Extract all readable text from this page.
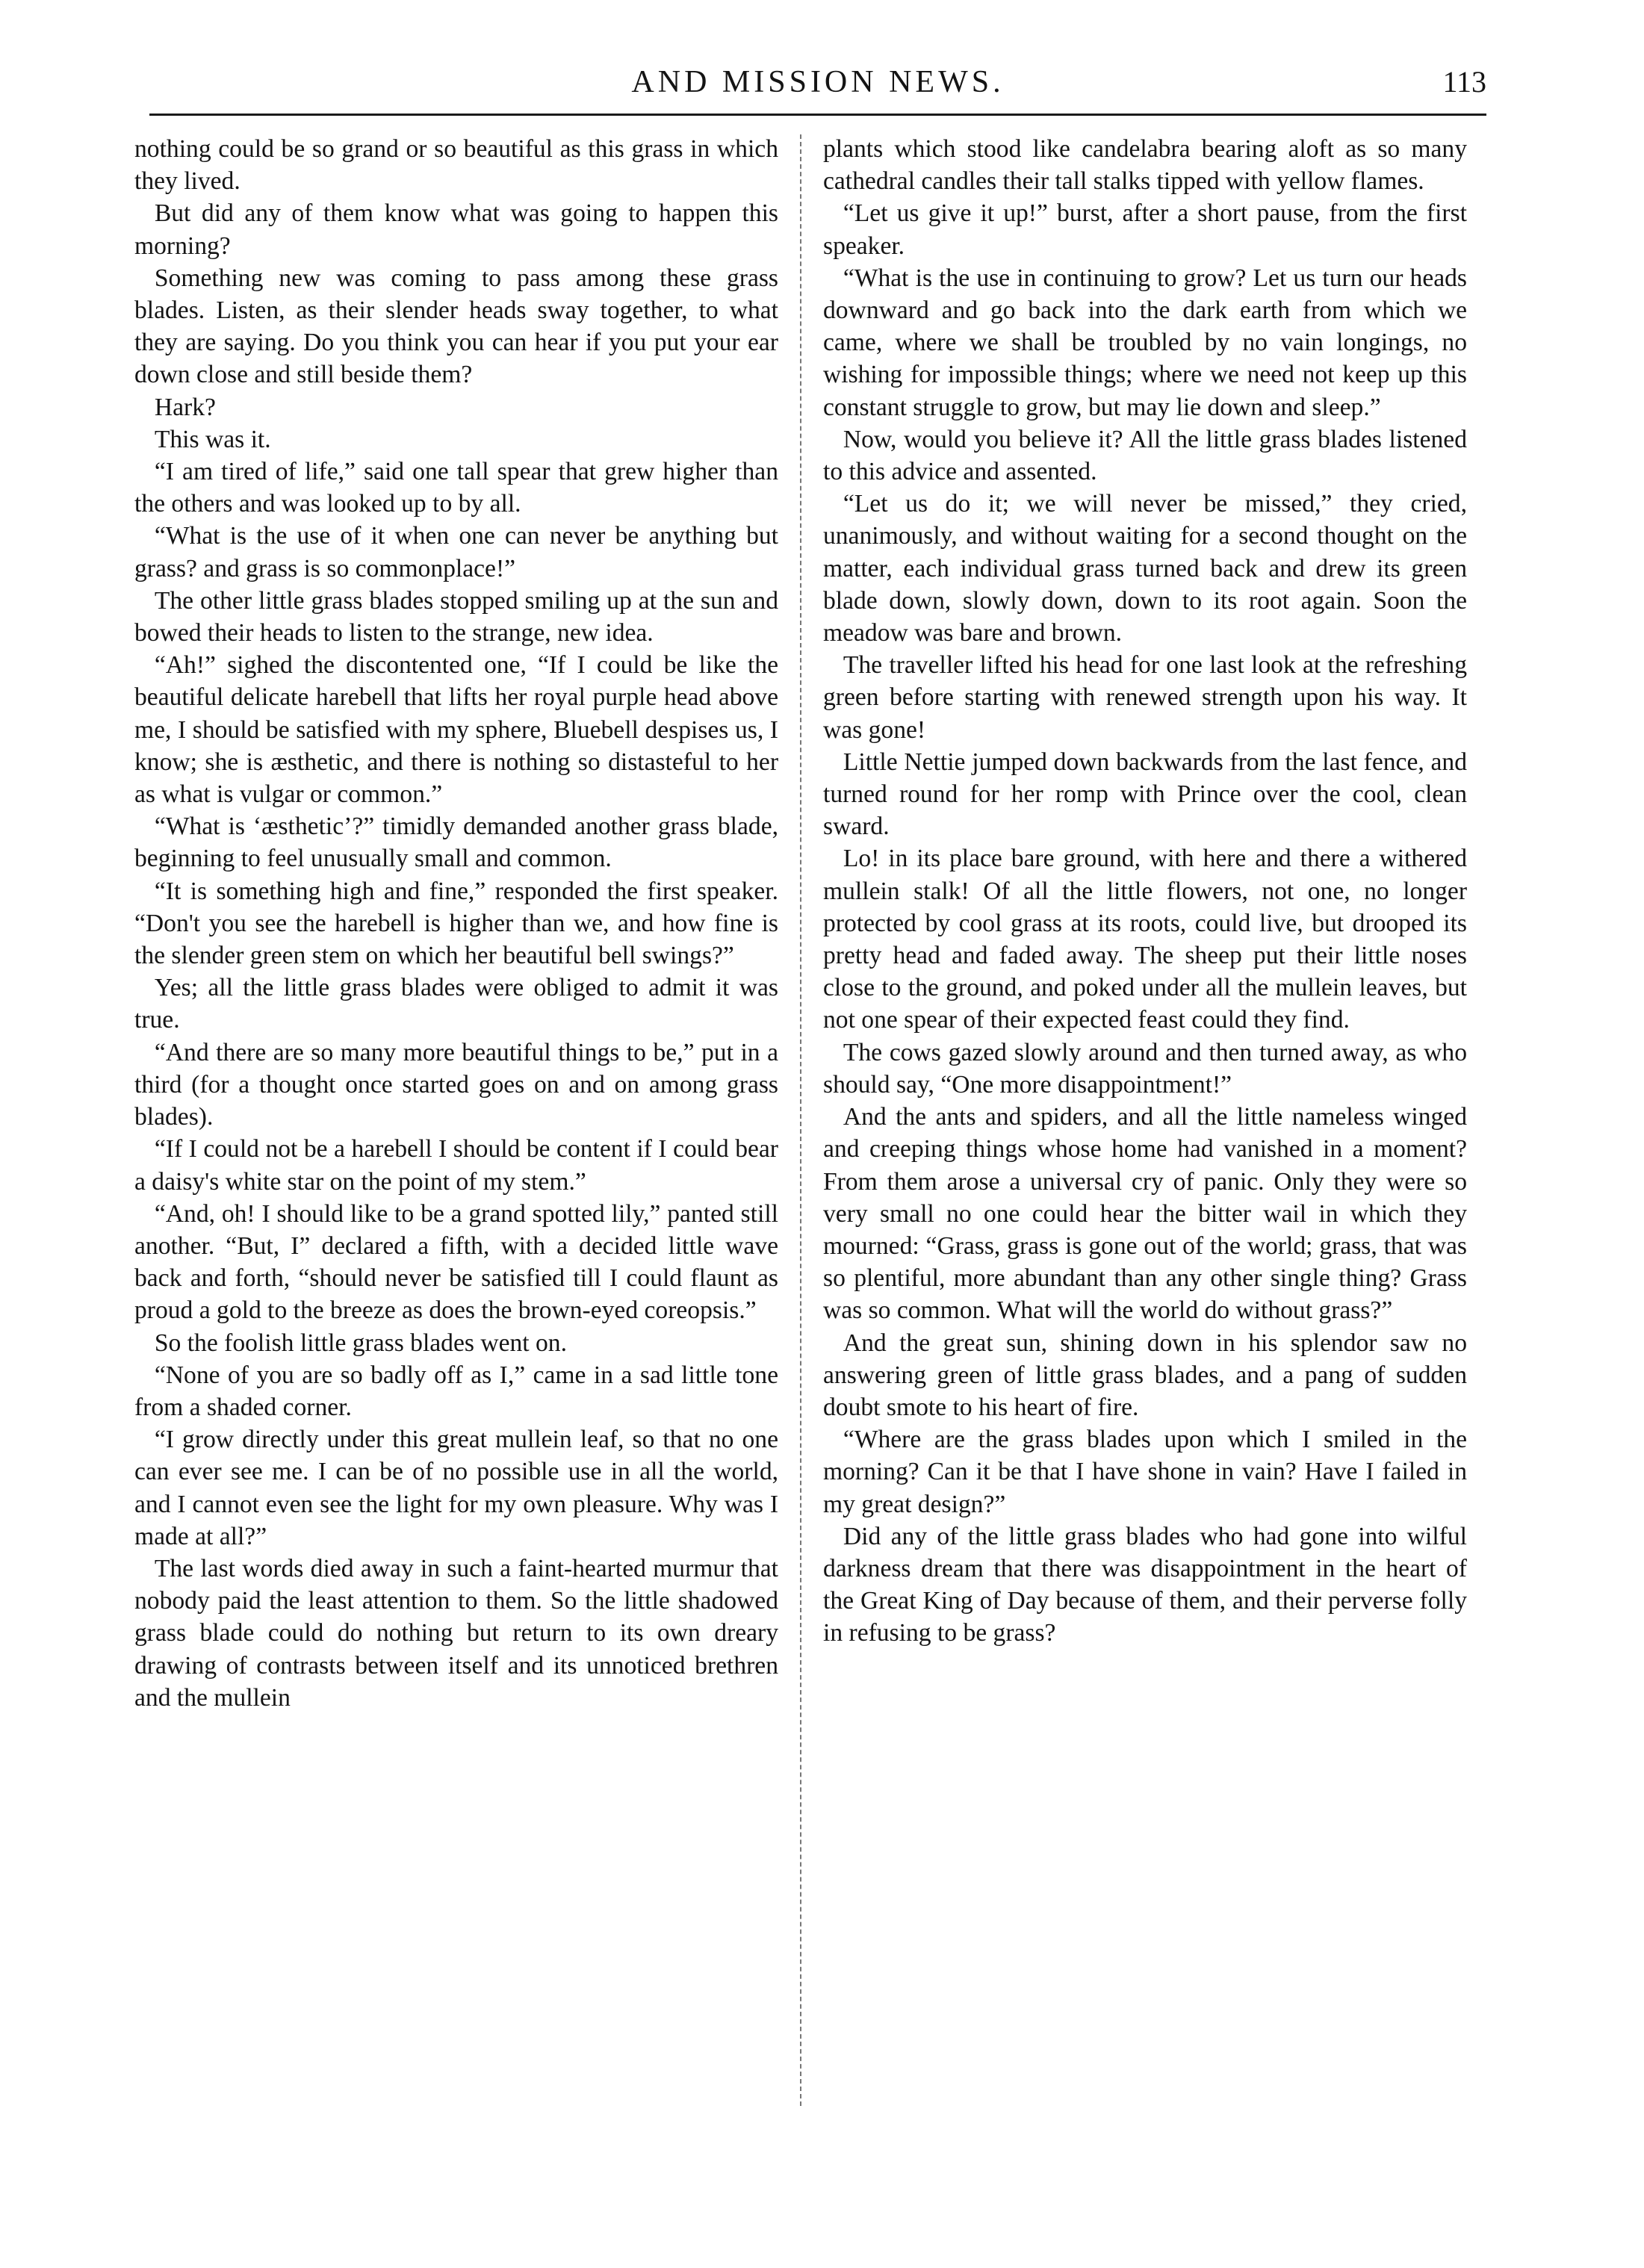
AND MISSION NEWS.	113

nothing could be so grand or so beautiful as this grass in which they lived.

But did any of them know what was going to happen this morning?

Something new was coming to pass among these grass blades. Listen, as their slender heads sway together, to what they are saying. Do you think you can hear if you put your ear down close and still beside them?

Hark?

This was it.

“I am tired of life,” said one tall spear that grew higher than the others and was looked up to by all.

“What is the use of it when one can never be anything but grass? and grass is so commonplace!”

The other little grass blades stopped smiling up at the sun and bowed their heads to listen to the strange, new idea.

“Ah!” sighed the discontented one, “If I could be like the beautiful delicate harebell that lifts her royal purple head above me, I should be satisfied with my sphere, Bluebell despises us, I know; she is æsthetic, and there is nothing so distasteful to her as what is vulgar or common.”

“What is ‘æsthetic’?” timidly demanded another grass blade, beginning to feel unusually small and common.

“It is something high and fine,” responded the first speaker. “Don't you see the harebell is higher than we, and how fine is the slender green stem on which her beautiful bell swings?”

Yes; all the little grass blades were obliged to admit it was true.

“And there are so many more beautiful things to be,” put in a third (for a thought once started goes on and on among grass blades).

“If I could not be a harebell I should be content if I could bear a daisy's white star on the point of my stem.”

“And, oh! I should like to be a grand spotted lily,” panted still another. “But, I” declared a fifth, with a decided little wave back and forth, “should never be satisfied till I could flaunt as proud a gold to the breeze as does the brown-eyed coreopsis.”

So the foolish little grass blades went on.

“None of you are so badly off as I,” came in a sad little tone from a shaded corner.

“I grow directly under this great mullein leaf, so that no one can ever see me. I can be of no possible use in all the world, and I cannot even see the light for my own pleasure. Why was I made at all?”

The last words died away in such a faint-hearted murmur that nobody paid the least attention to them. So the little shadowed grass blade could do nothing but return to its own dreary drawing of contrasts between itself and its unnoticed brethren and the mullein

plants which stood like candelabra bearing aloft as so many cathedral candles their tall stalks tipped with yellow flames.

“Let us give it up!” burst, after a short pause, from the first speaker.

“What is the use in continuing to grow? Let us turn our heads downward and go back into the dark earth from which we came, where we shall be troubled by no vain longings, no wishing for impossible things; where we need not keep up this constant struggle to grow, but may lie down and sleep.”

Now, would you believe it? All the little grass blades listened to this advice and assented.

“Let us do it; we will never be missed,” they cried, unanimously, and without waiting for a second thought on the matter, each individual grass turned back and drew its green blade down, slowly down, down to its root again. Soon the meadow was bare and brown.

The traveller lifted his head for one last look at the refreshing green before starting with renewed strength upon his way. It was gone!

Little Nettie jumped down backwards from the last fence, and turned round for her romp with Prince over the cool, clean sward.

Lo! in its place bare ground, with here and there a withered mullein stalk! Of all the little flowers, not one, no longer protected by cool grass at its roots, could live, but drooped its pretty head and faded away. The sheep put their little noses close to the ground, and poked under all the mullein leaves, but not one spear of their expected feast could they find.

The cows gazed slowly around and then turned away, as who should say, “One more disappointment!”

And the ants and spiders, and all the little nameless winged and creeping things whose home had vanished in a moment? From them arose a universal cry of panic. Only they were so very small no one could hear the bitter wail in which they mourned: “Grass, grass is gone out of the world; grass, that was so plentiful, more abundant than any other single thing? Grass was so common. What will the world do without grass?”

And the great sun, shining down in his splendor saw no answering green of little grass blades, and a pang of sudden doubt smote to his heart of fire.

“Where are the grass blades upon which I smiled in the morning? Can it be that I have shone in vain? Have I failed in my great design?”

Did any of the little grass blades who had gone into wilful darkness dream that there was disappointment in the heart of the Great King of Day because of them, and their perverse folly in refusing to be grass?
